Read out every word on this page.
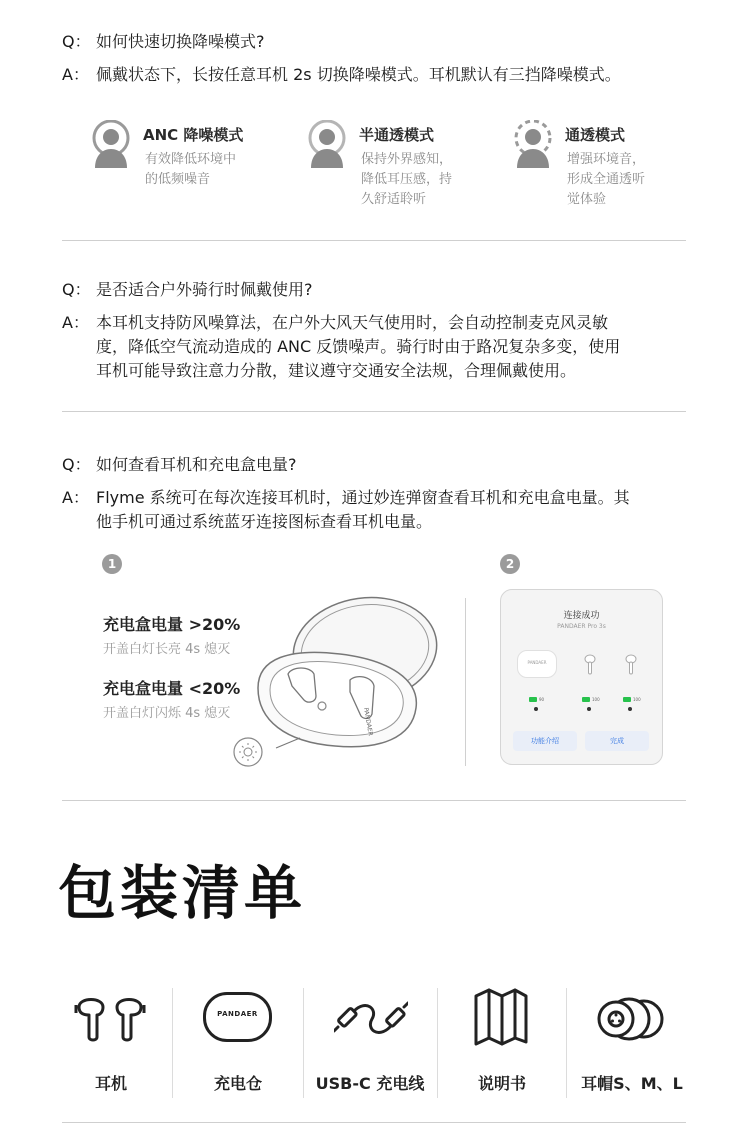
Q： 如何快速切换降噪模式?
A： 佩戴状态下，长按任意耳机 2s 切换降噪模式。耳机默认有三挡降噪模式。
ANC 降噪模式
有效降低环境中
的低频噪音
半通透模式
保持外界感知，
降低耳压感，持
久舒适聆听
通透模式
增强环境音，
形成全通透听
觉体验
Q： 是否适合户外骑行时佩戴使用?
A： 本耳机支持防风噪算法，在户外大风天气使用时，会自动控制麦克风灵敏
度，降低空气流动造成的 ANC 反馈噪声。骑行时由于路况复杂多变，使用
耳机可能导致注意力分散，建议遵守交通安全法规，合理佩戴使用。
Q： 如何查看耳机和充电盒电量?
A： Flyme 系统可在每次连接耳机时，通过妙连弹窗查看耳机和充电盒电量。其
他手机可通过系统蓝牙连接图标查看耳机电量。
1	2
充电盒电量 >20%
开盖白灯长亮 4s 熄灭
充电盒电量 <20%
开盖白灯闪烁 4s 熄灭	PANDAER
连接成功
PANDAER Pro 3s
PANDAER
90	100	100
功能介绍	完成
包装清单
耳机
PANDAER
充电仓	USB-C 充电线	说明书	耳帽S、M、L
